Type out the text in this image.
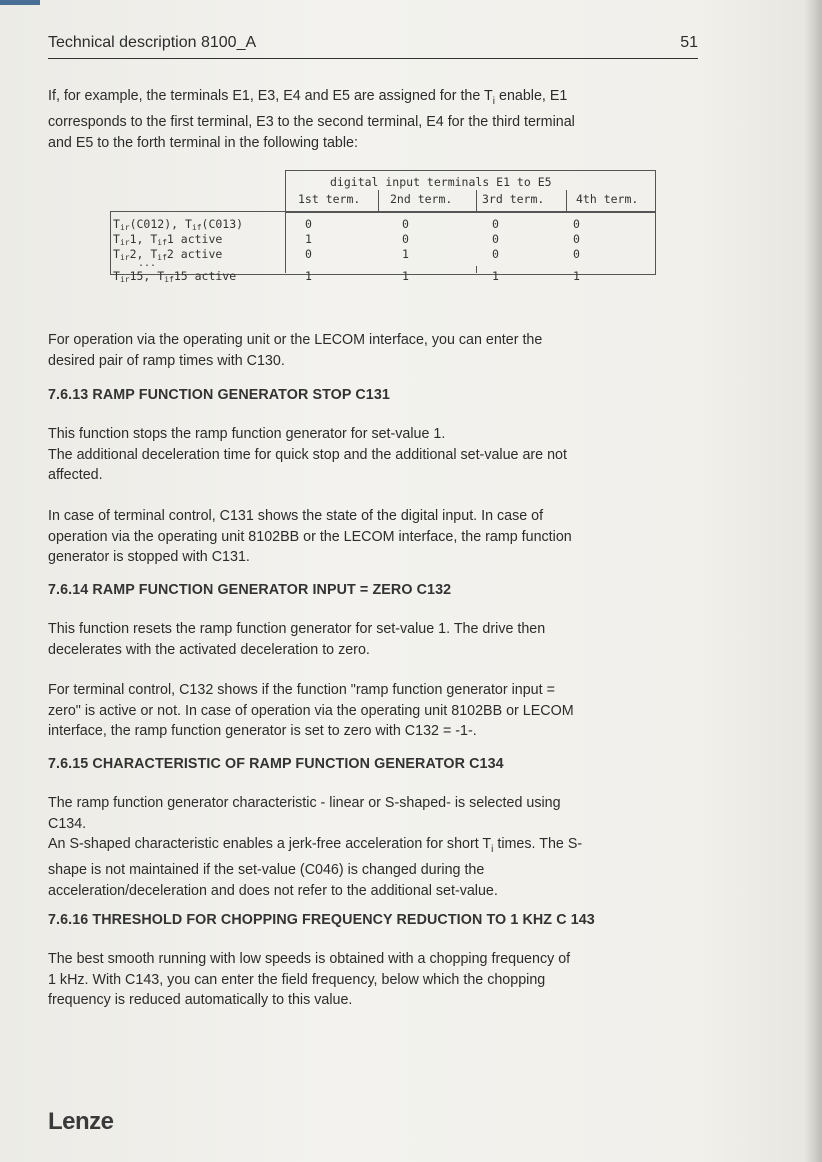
Technical description 8100_A	51
If, for example, the terminals E1, E3, E4 and E5 are assigned for the $T_i$ enable, E1
corresponds to the first terminal, E3 to the second terminal, E4 for the third terminal
and E5 to the forth terminal in the following table:
digital input terminals E1 to E5
1st term.	2nd term.	3rd term.	4th term.
$T_{ir}(C012)$, $T_{if}(C013)$	0	0	0	0
$T_{ir}1$, $T_{if}1$ active	1	0	0	0
$T_{ir}2$, $T_{if}2$ active	0	1	0	0
...
$T_{ir}15$, $T_{if}15$ active	1	1	1	1
For operation via the operating unit or the LECOM interface, you can enter the
desired pair of ramp times with C130.
7.6.13 RAMP FUNCTION GENERATOR STOP C131
This function stops the ramp function generator for set-value 1.
The additional deceleration time for quick stop and the additional set-value are not
affected.
In case of terminal control, C131 shows the state of the digital input. In case of
operation via the operating unit 8102BB or the LECOM interface, the ramp function
generator is stopped with C131.
7.6.14 RAMP FUNCTION GENERATOR INPUT = ZERO C132
This function resets the ramp function generator for set-value 1. The drive then
decelerates with the activated deceleration to zero.
For terminal control, C132 shows if the function "ramp function generator input =
zero" is active or not. In case of operation via the operating unit 8102BB or LECOM
interface, the ramp function generator is set to zero with C132 = -1-.
7.6.15 CHARACTERISTIC OF RAMP FUNCTION GENERATOR C134
The ramp function generator characteristic - linear or S-shaped- is selected using
C134.
An S-shaped characteristic enables a jerk-free acceleration for short $T_i$ times. The S-
shape is not maintained if the set-value (C046) is changed during the
acceleration/deceleration and does not refer to the additional set-value.
7.6.16 THRESHOLD FOR CHOPPING FREQUENCY REDUCTION TO 1 KHZ C 143
The best smooth running with low speeds is obtained with a chopping frequency of
1 kHz. With C143, you can enter the field frequency, below which the chopping
frequency is reduced automatically to this value.
Lenze
